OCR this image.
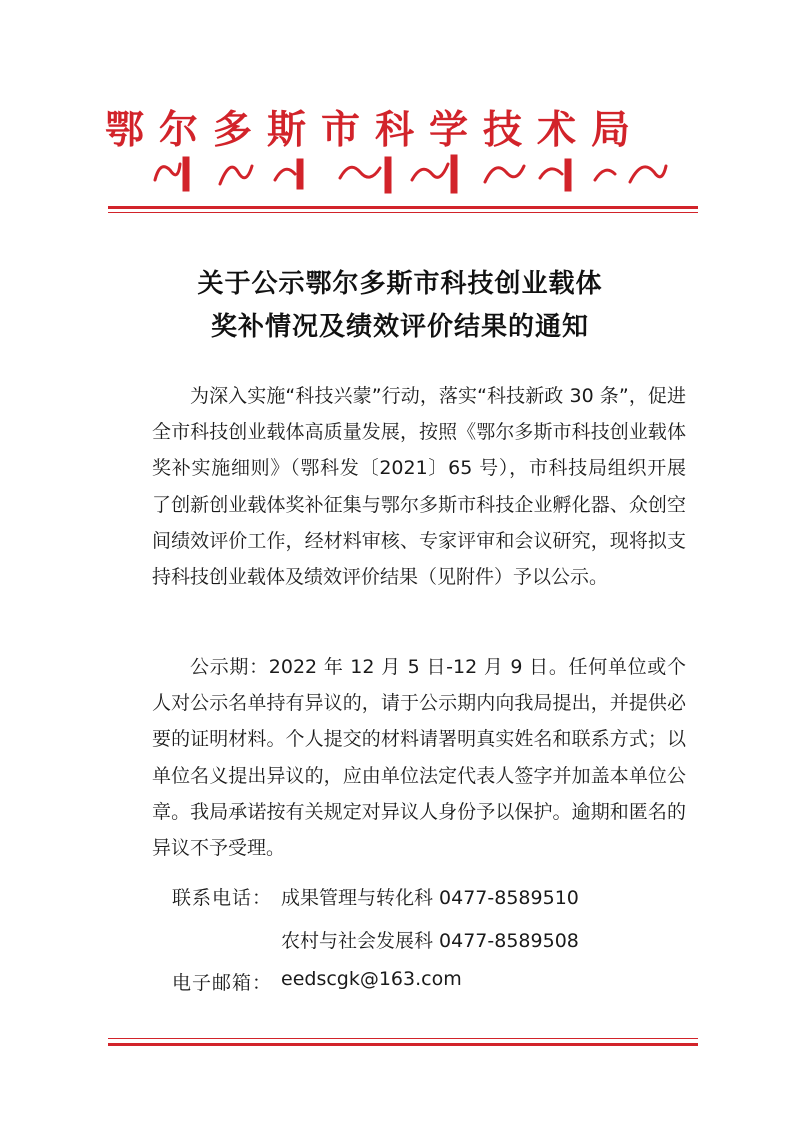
鄂尔多斯市科学技术局
关于公示鄂尔多斯市科技创业载体
奖补情况及绩效评价结果的通知
为深入实施“科技兴蒙”行动，落实“科技新政 30 条”，促进全市科技创业载体高质量发展，按照《鄂尔多斯市科技创业载体奖补实施细则》（鄂科发〔2021〕65 号），市科技局组织开展了创新创业载体奖补征集与鄂尔多斯市科技企业孵化器、众创空间绩效评价工作，经材料审核、专家评审和会议研究，现将拟支持科技创业载体及绩效评价结果（见附件）予以公示。
公示期：2022 年 12 月 5 日-12 月 9 日。任何单位或个人对公示名单持有异议的，请于公示期内向我局提出，并提供必要的证明材料。个人提交的材料请署明真实姓名和联系方式；以单位名义提出异议的，应由单位法定代表人签字并加盖本单位公章。我局承诺按有关规定对异议人身份予以保护。逾期和匿名的异议不予受理。
联系电话： 成果管理与转化科 0477-8589510
农村与社会发展科 0477-8589508
电子邮箱： eedscgk@163.com
